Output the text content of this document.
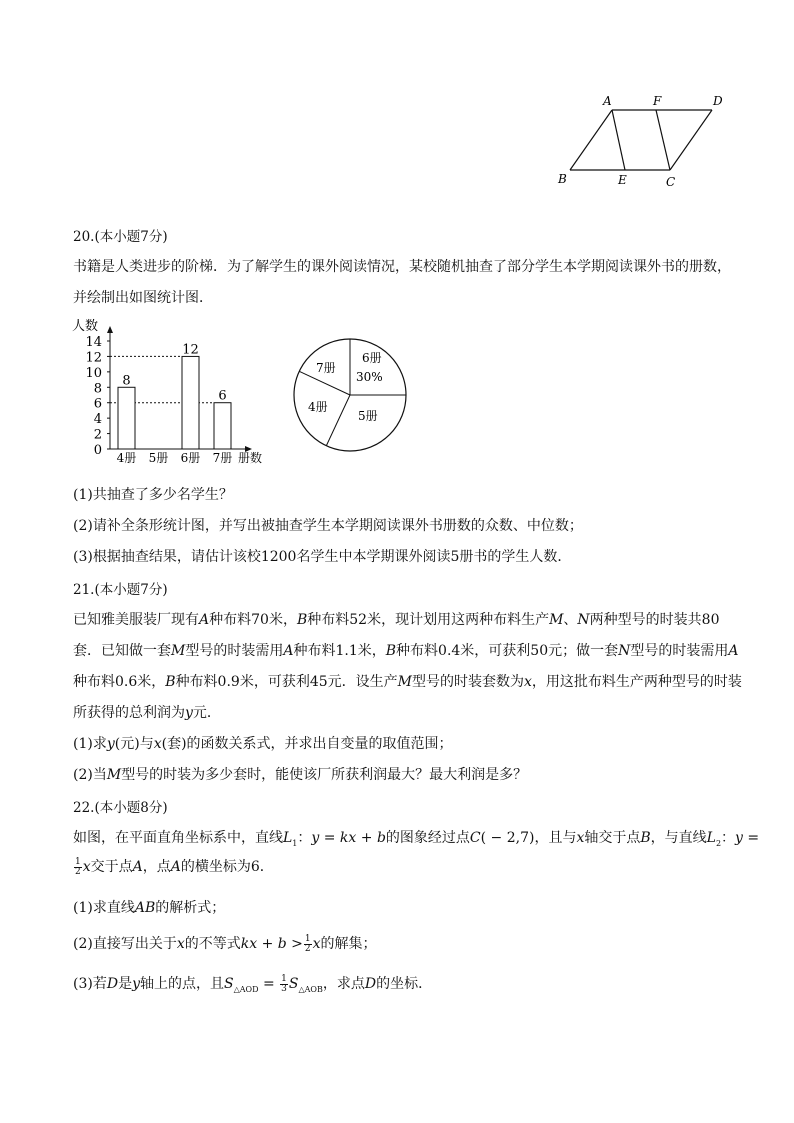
A	F	D
B	E	C
20.(本小题7分)
书籍是人类进步的阶梯．为了解学生的课外阅读情况，某校随机抽查了部分学生本学期阅读课外书的册数，
并绘制出如图统计图．
人数
册数
0
2
4
6
8
10
12
14
8
4册 5册
12
6册
6
7册
6册
30%
5册
4册
7册
(1)共抽查了多少名学生？
(2)请补全条形统计图，并写出被抽查学生本学期阅读课外书册数的众数、中位数；
(3)根据抽查结果，请估计该校1200名学生中本学期课外阅读5册书的学生人数．
21.(本小题7分)
已知雅美服装厂现有A种布料70米，B种布料52米，现计划用这两种布料生产M、N两种型号的时装共80
套．已知做一套M型号的时装需用A种布料1.1米，B种布料0.4米，可获利50元；做一套N型号的时装需用A
种布料0.6米，B种布料0.9米，可获利45元．设生产M型号的时装套数为x，用这批布料生产两种型号的时装
所获得的总利润为y元．
(1)求y(元)与x(套)的函数关系式，并求出自变量的取值范围；
(2)当M型号的时装为多少套时，能使该厂所获利润最大？最大利润是多？
22.(本小题8分)
如图，在平面直角坐标系中，直线$L_1$：y = kx + b的图象经过点C( − 2,7)，且与x轴交于点B，与直线$L_2$：y =
$\frac{1}{2}$ x交于点A，点A的横坐标为6．
(1)求直线AB的解析式；
(2)直接写出关于x的不等式kx + $b > \frac{1}{2}$ x的解集；
(3)若D是y轴上的点，且$S_{\triangle AOD} = \frac{1}{3} S_{\triangle AOB}$，求点D的坐标．
